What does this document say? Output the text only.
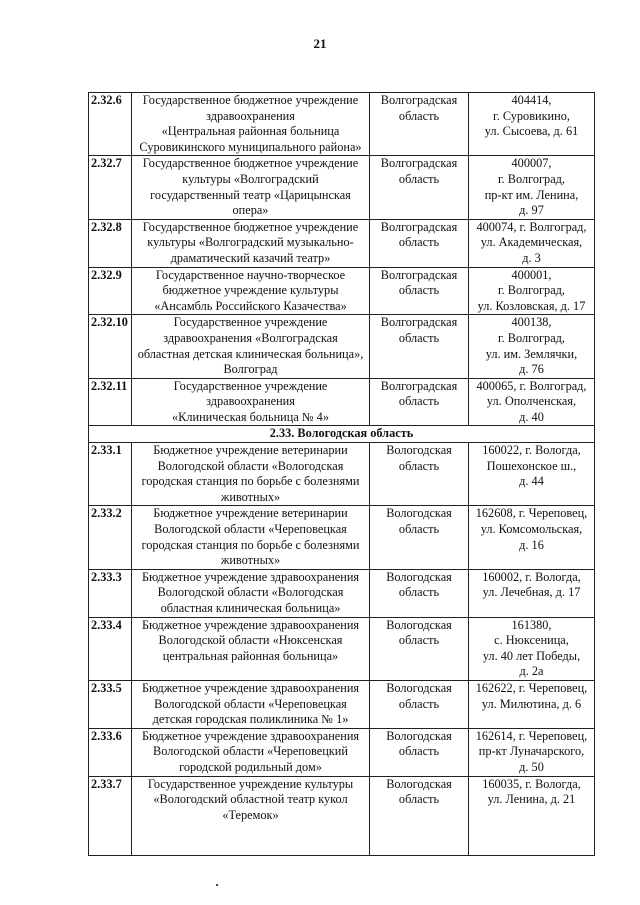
21
2.32.6	Государственное бюджетное учреждение
здравоохранения
«Центральная районная больница
Суровикинского муниципального района»	Волгоградская
область	404414,
г. Суровикино,
ул. Сысоева, д. 61

2.32.7	Государственное бюджетное учреждение
культуры «Волгоградский
государственный театр «Царицынская
опера»	Волгоградская
область	400007,
г. Волгоград,
пр-кт им. Ленина,
д. 97

2.32.8	Государственное бюджетное учреждение
культуры «Волгоградский музыкально-
драматический казачий театр»	Волгоградская
область	400074, г. Волгоград,
ул. Академическая,
д. 3

2.32.9	Государственное научно-творческое
бюджетное учреждение культуры
«Ансамбль Российского Казачества»	Волгоградская
область	400001,
г. Волгоград,
ул. Козловская, д. 17

2.32.10	Государственное учреждение
здравоохранения «Волгоградская
областная детская клиническая больница»,
Волгоград	Волгоградская
область	400138,
г. Волгоград,
ул. им. Землячки,
д. 76

2.32.11	Государственное учреждение
здравоохранения
«Клиническая больница № 4»	Волгоградская
область	400065, г. Волгоград,
ул. Ополченская,
д. 40

2.33. Вологодская область			
2.33.1	Бюджетное учреждение ветеринарии
Вологодской области «Вологодская
городская станция по борьбе с болезнями
животных»	Вологодская
область	160022, г. Вологда,
Пошехонское ш.,
д. 44

2.33.2	Бюджетное учреждение ветеринарии
Вологодской области «Череповецкая
городская станция по борьбе с болезнями
животных»	Вологодская
область	162608, г. Череповец,
ул. Комсомольская,
д. 16

2.33.3	Бюджетное учреждение здравоохранения
Вологодской области «Вологодская
областная клиническая больница»	Вологодская
область	160002, г. Вологда,
ул. Лечебная, д. 17

2.33.4	Бюджетное учреждение здравоохранения
Вологодской области «Нюксенская
центральная районная больница»	Вологодская
область	161380,
с. Нюксеница,
ул. 40 лет Победы,
д. 2а

2.33.5	Бюджетное учреждение здравоохранения
Вологодской области «Череповецкая
детская городская поликлиника № 1»	Вологодская
область	162622, г. Череповец,
ул. Милютина, д. 6

2.33.6	Бюджетное учреждение здравоохранения
Вологодской области «Череповецкий
городской родильный дом»	Вологодская
область	162614, г. Череповец,
пр-кт Луначарского,
д. 50

2.33.7	Государственное учреждение культуры
«Вологодский областной театр кукол
«Теремок»	Вологодская
область	160035, г. Вологда,
ул. Ленина, д. 21
